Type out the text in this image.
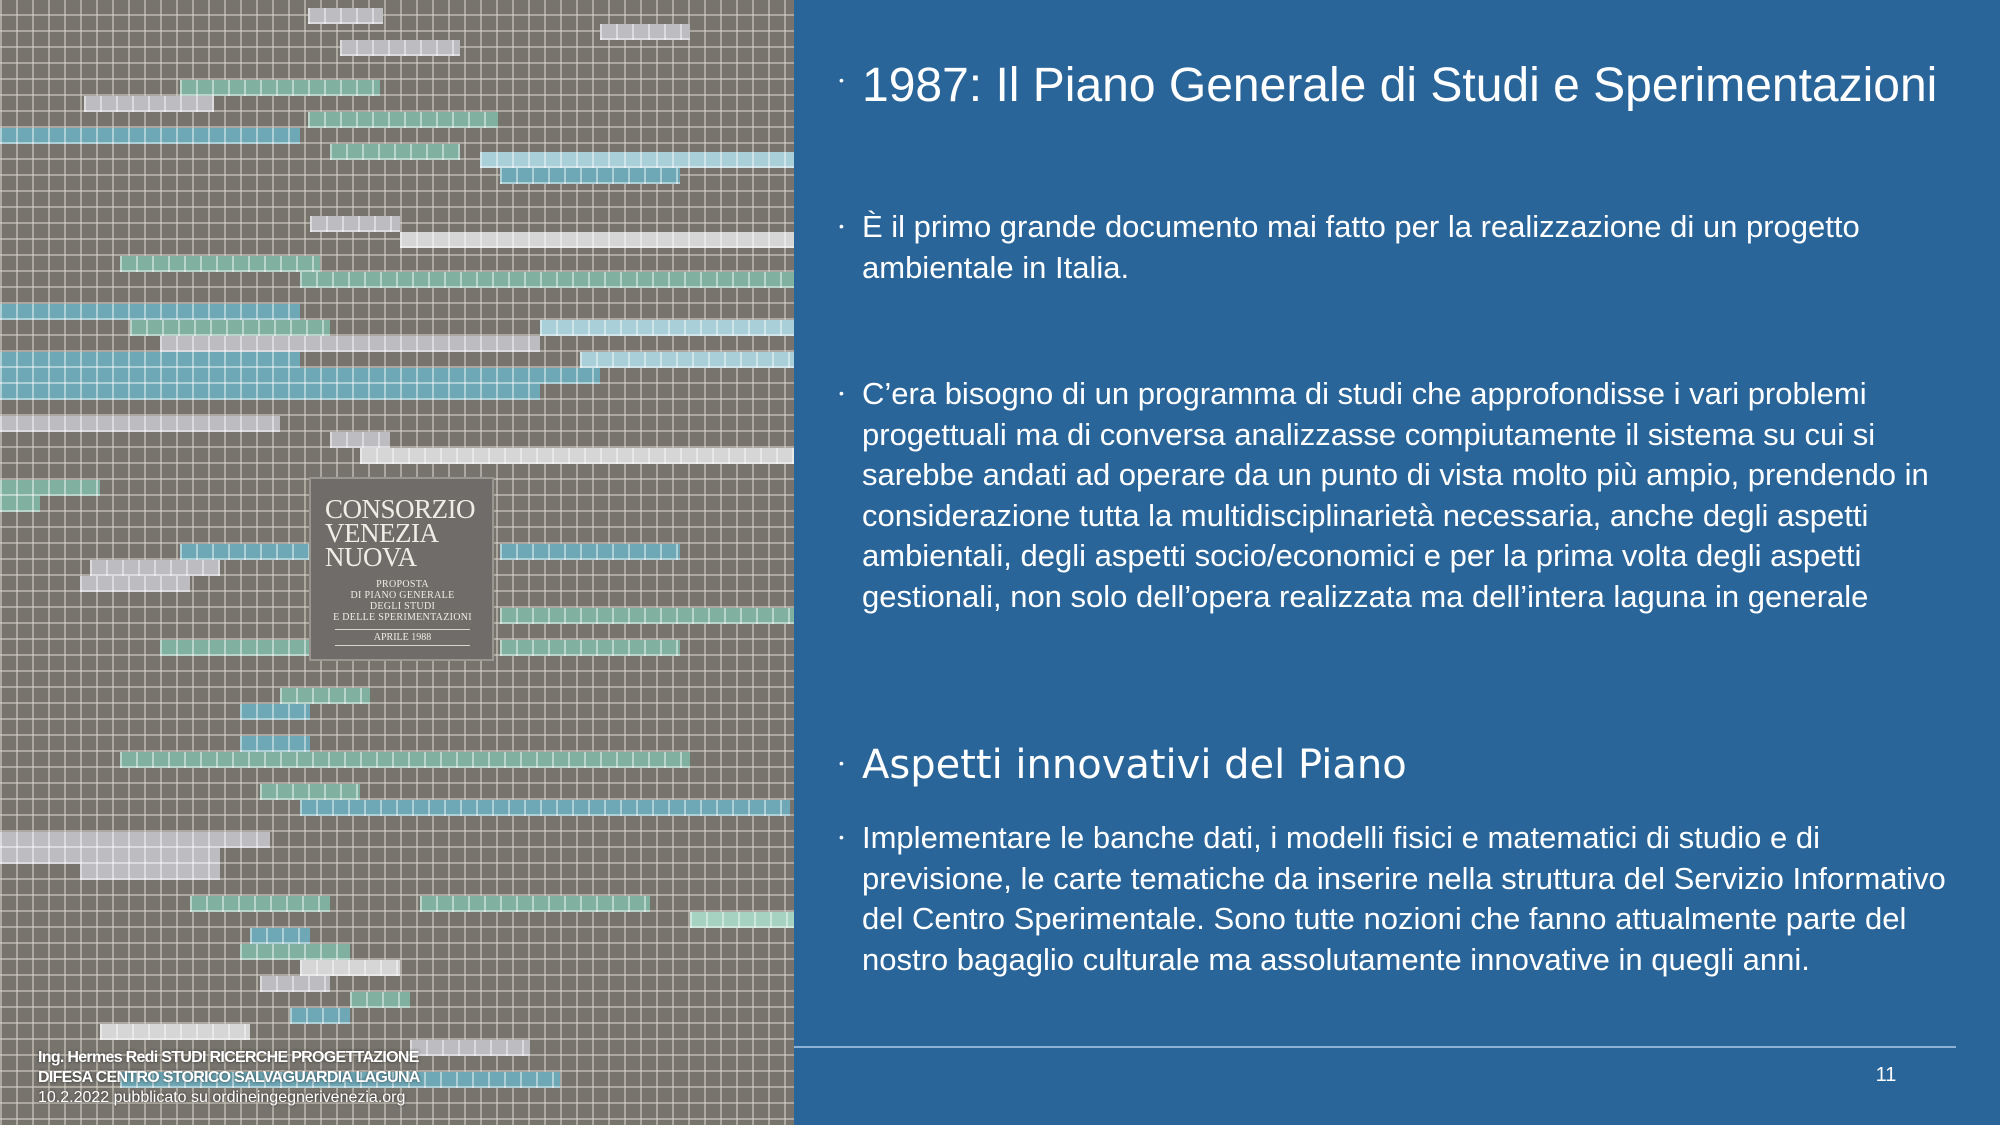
CONSORZIO
VENEZIA
NUOVA
PROPOSTA
DI PIANO GENERALE
DEGLI STUDI
E DELLE SPERIMENTAZIONI
APRILE 1988
Ing. Hermes Redi STUDI RICERCHE PROGETTAZIONE
DIFESA CENTRO STORICO SALVAGUARDIA LAGUNA
10.2.2022 pubblicato su ordineingegnerivenezia.org
• 1987: Il Piano Generale di Studi e Sperimentazioni
• È il primo grande documento mai fatto per la realizzazione di un progetto ambientale in Italia.
• C’era bisogno di un programma di studi che approfondisse i vari problemi progettuali ma di conversa analizzasse compiutamente il sistema su cui si sarebbe andati ad operare da un punto di vista molto più ampio, prendendo in considerazione tutta la multidisciplinarietà necessaria, anche degli aspetti ambientali, degli aspetti socio/economici e per la prima volta degli aspetti gestionali, non solo dell’opera realizzata ma dell’intera laguna in generale
• Aspetti innovativi del Piano
• Implementare le banche dati, i modelli fisici e matematici di studio e di previsione, le carte tematiche da inserire nella struttura del Servizio Informativo del Centro Sperimentale. Sono tutte nozioni che fanno attualmente parte del nostro bagaglio culturale ma assolutamente innovative in quegli anni.
11
